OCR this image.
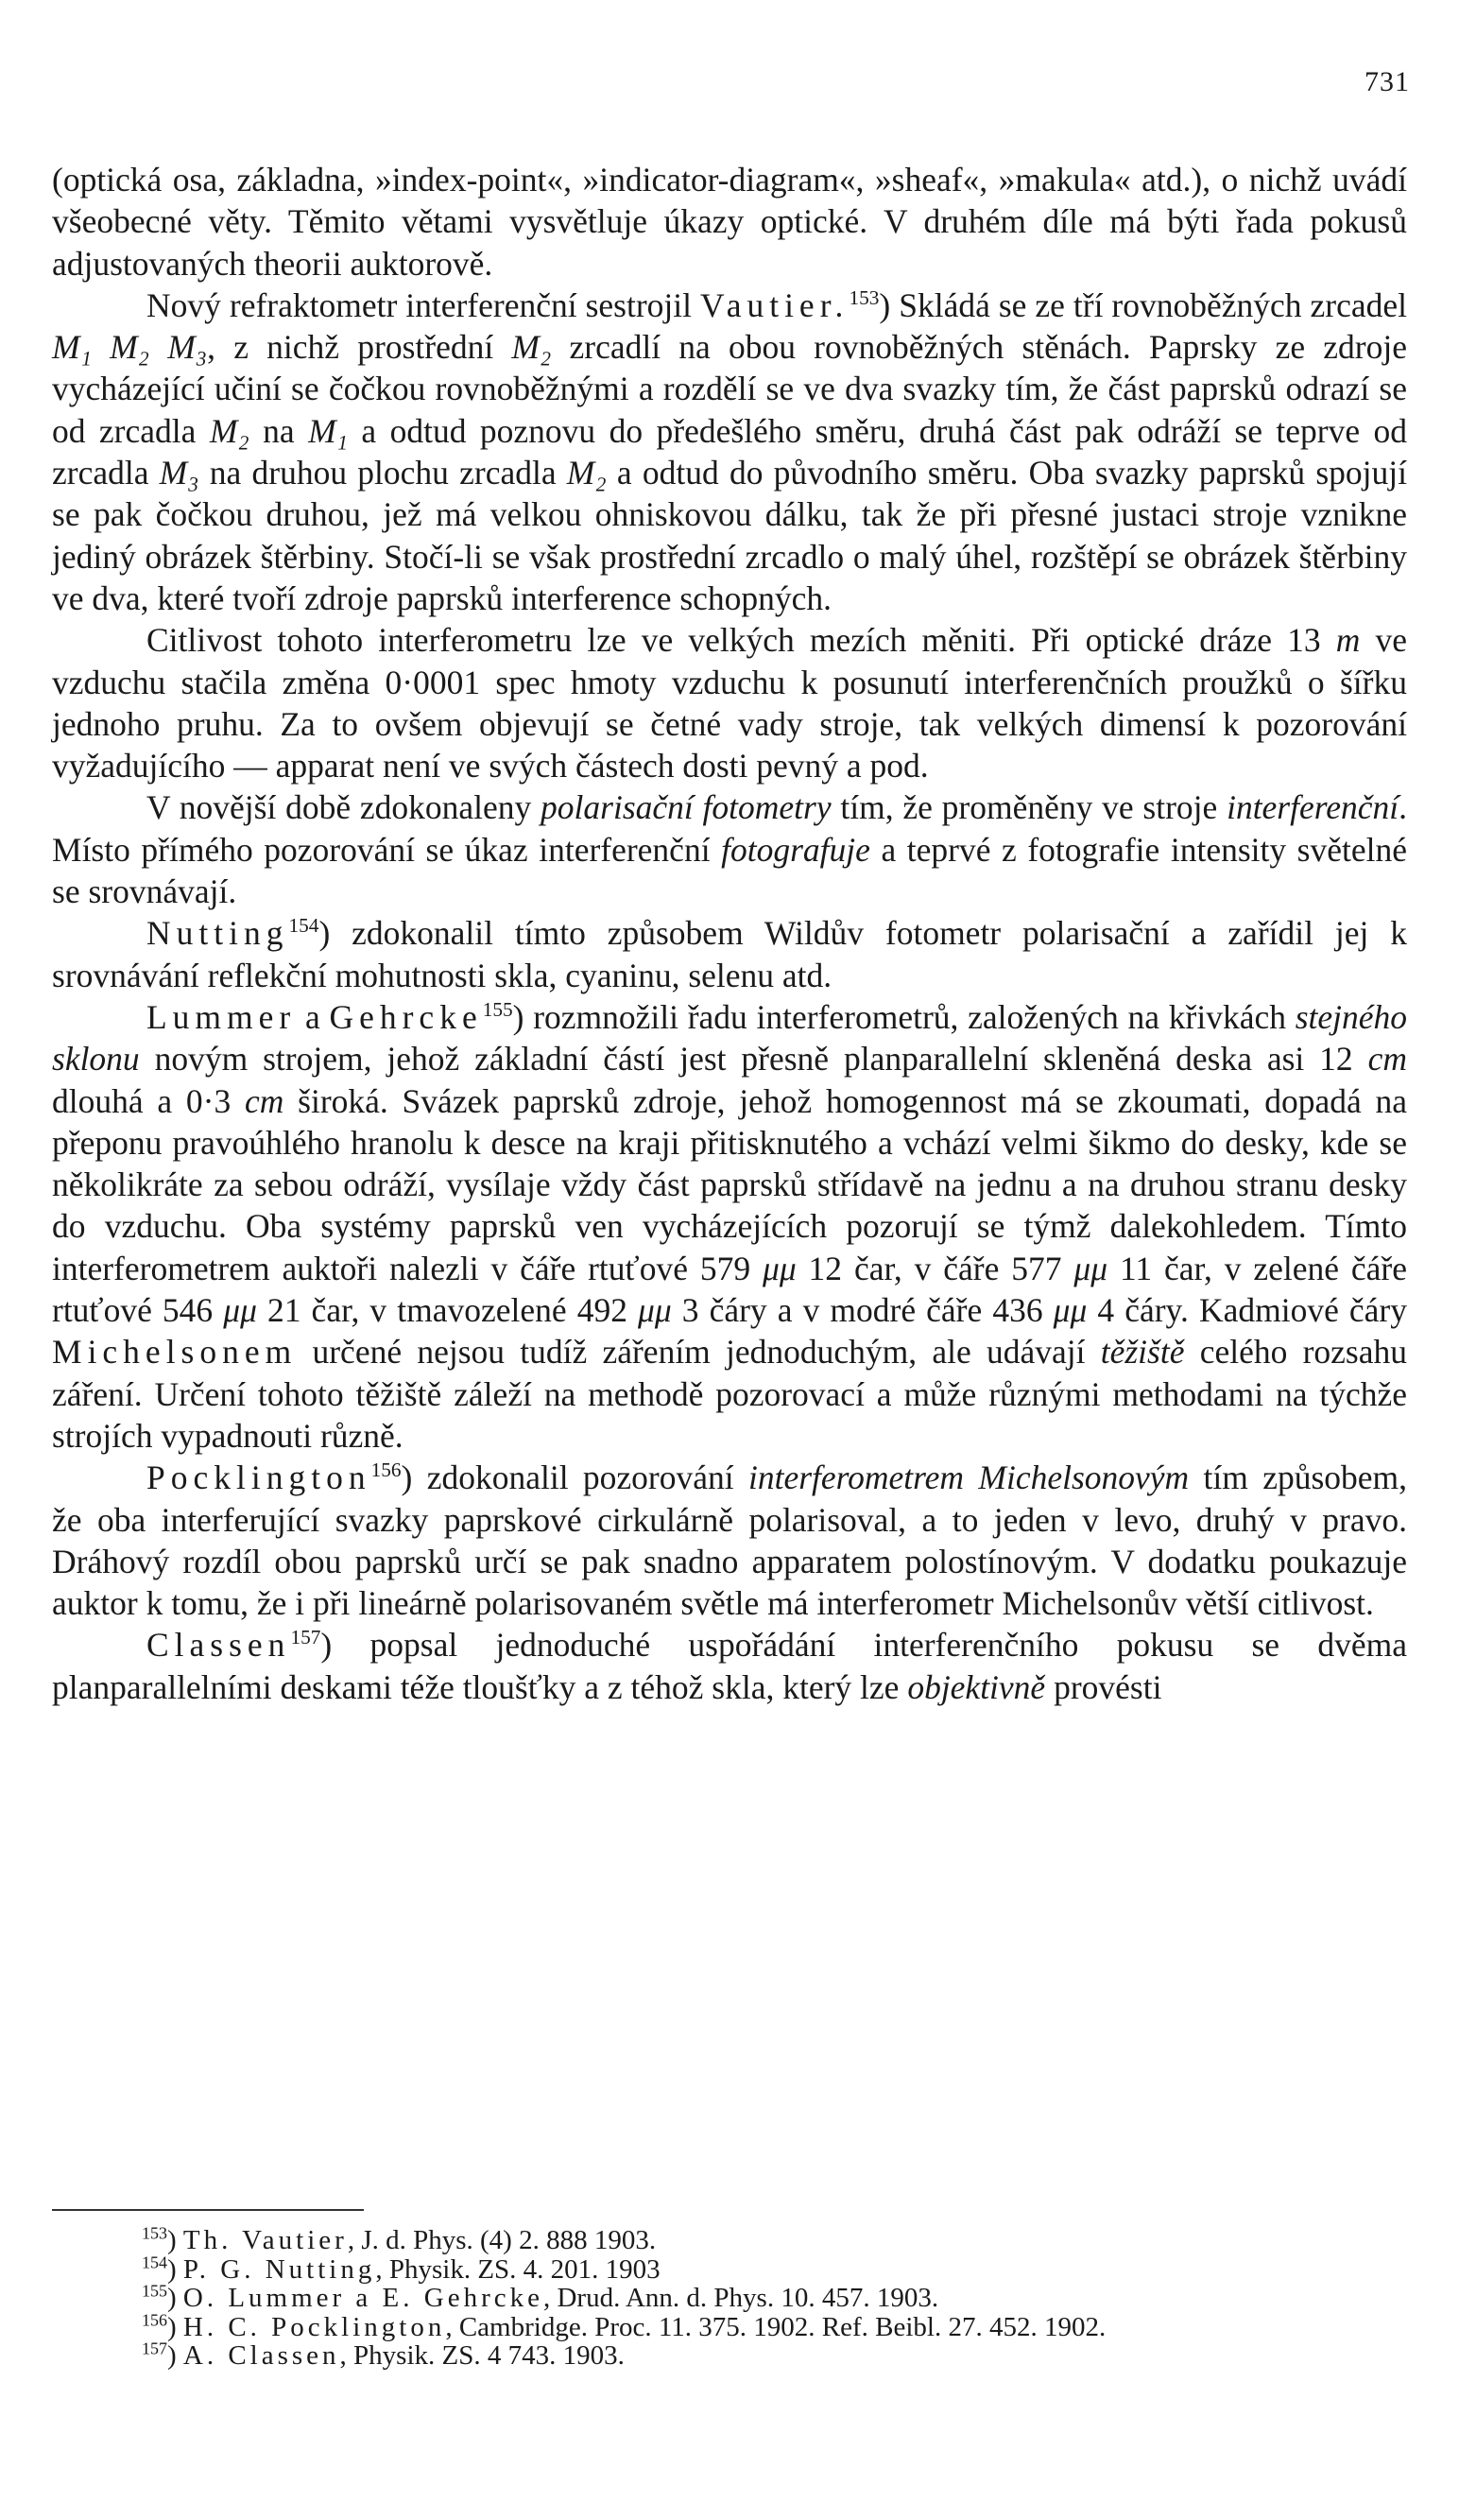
731

(optická osa, základna, »index-point«, »indicator-diagram«, »sheaf«, »makula« atd.), o nichž uvádí všeobecné věty. Těmito větami vysvětluje úkazy optické. V druhém díle má býti řada pokusů adjustovaných theorii auktorově.

Nový refraktometr interferenční sestrojil Vautier.$^{153}$) Skládá se ze tří rovnoběžných zrcadel M₁ M₂ M₃, z nichž prostřední M₂ zrcadlí na obou rovnoběžných stěnách. Paprsky ze zdroje vycházející učiní se čočkou rovnoběžnými a rozdělí se ve dva svazky tím, že část paprsků odrazí se od zrcadla M₂ na M₁ a odtud poznovu do předešlého směru, druhá část pak odráží se teprve od zrcadla M₃ na druhou plochu zrcadla M₂ a odtud do původního směru. Oba svazky paprsků spojují se pak čočkou druhou, jež má velkou ohniskovou dálku, tak že při přesné justaci stroje vznikne jediný obrázek štěrbiny. Stočí-li se však prostřední zrcadlo o malý úhel, rozštěpí se obrázek štěrbiny ve dva, které tvoří zdroje paprsků interference schopných.

Citlivost tohoto interferometru lze ve velkých mezích měniti. Při optické dráze 13 m ve vzduchu stačila změna 0·0001 spec hmoty vzduchu k posunutí interferenčních proužků o šířku jednoho pruhu. Za to ovšem objevují se četné vady stroje, tak velkých dimensí k pozorování vyžadujícího — apparat není ve svých částech dosti pevný a pod.

V novější době zdokonaleny polarisační fotometry tím, že proměněny ve stroje interferenční. Místo přímého pozorování se úkaz interferenční fotografuje a teprvé z fotografie intensity světelné se srovnávají.

Nutting$^{154}$) zdokonalil tímto způsobem Wildův fotometr polarisační a zařídil jej k srovnávání reflekční mohutnosti skla, cyaninu, selenu atd.

Lummer a Gehrcke$^{155}$) rozmnožili řadu interferometrů, založených na křivkách stejného sklonu novým strojem, jehož základní částí jest přesně planparallelní skleněná deska asi 12 cm dlouhá a 0·3 cm široká. Svázek paprsků zdroje, jehož homogennost má se zkoumati, dopadá na přeponu pravoúhlého hranolu k desce na kraji přitisknutého a vchází velmi šikmo do desky, kde se několikráte za sebou odráží, vysílaje vždy část paprsků střídavě na jednu a na druhou stranu desky do vzduchu. Oba systémy paprsků ven vycházejících pozorují se týmž dalekohledem. Tímto interferometrem auktoři nalezli v čáře rtuťové 579 μμ 12 čar, v čáře 577 μμ 11 čar, v zelené čáře rtuťové 546 μμ 21 čar, v tmavozelené 492 μμ 3 čáry a v modré čáře 436 μμ 4 čáry. Kadmiové čáry Michelsonem určené nejsou tudíž zářením jednoduchým, ale udávají těžiště celého rozsahu záření. Určení tohoto těžiště záleží na methodě pozorovací a může různými methodami na týchže strojích vypadnouti různě.

Pocklington$^{156}$) zdokonalil pozorování interferometrem Michelsonovým tím způsobem, že oba interferující svazky paprskové cirkulárně polarisoval, a to jeden v levo, druhý v pravo. Dráhový rozdíl obou paprsků určí se pak snadno apparatem polostínovým. V dodatku poukazuje auktor k tomu, že i při lineárně polarisovaném světle má interferometr Michelsonův větší citlivost.

Classen$^{157}$) popsal jednoduché uspořádání interferenčního pokusu se dvěma planparallelními deskami téže tloušťky a z téhož skla, který lze objektivně provésti

$^{153}$) Th. Vautier, J. d. Phys. (4) 2. 888 1903.
$^{154}$) P. G. Nutting, Physik. ZS. 4. 201. 1903
$^{155}$) O. Lummer a E. Gehrcke, Drud. Ann. d. Phys. 10. 457. 1903.
$^{156}$) H. C. Pocklington, Cambridge. Proc. 11. 375. 1902. Ref. Beibl. 27. 452. 1902.
$^{157}$) A. Classen, Physik. ZS. 4 743. 1903.
